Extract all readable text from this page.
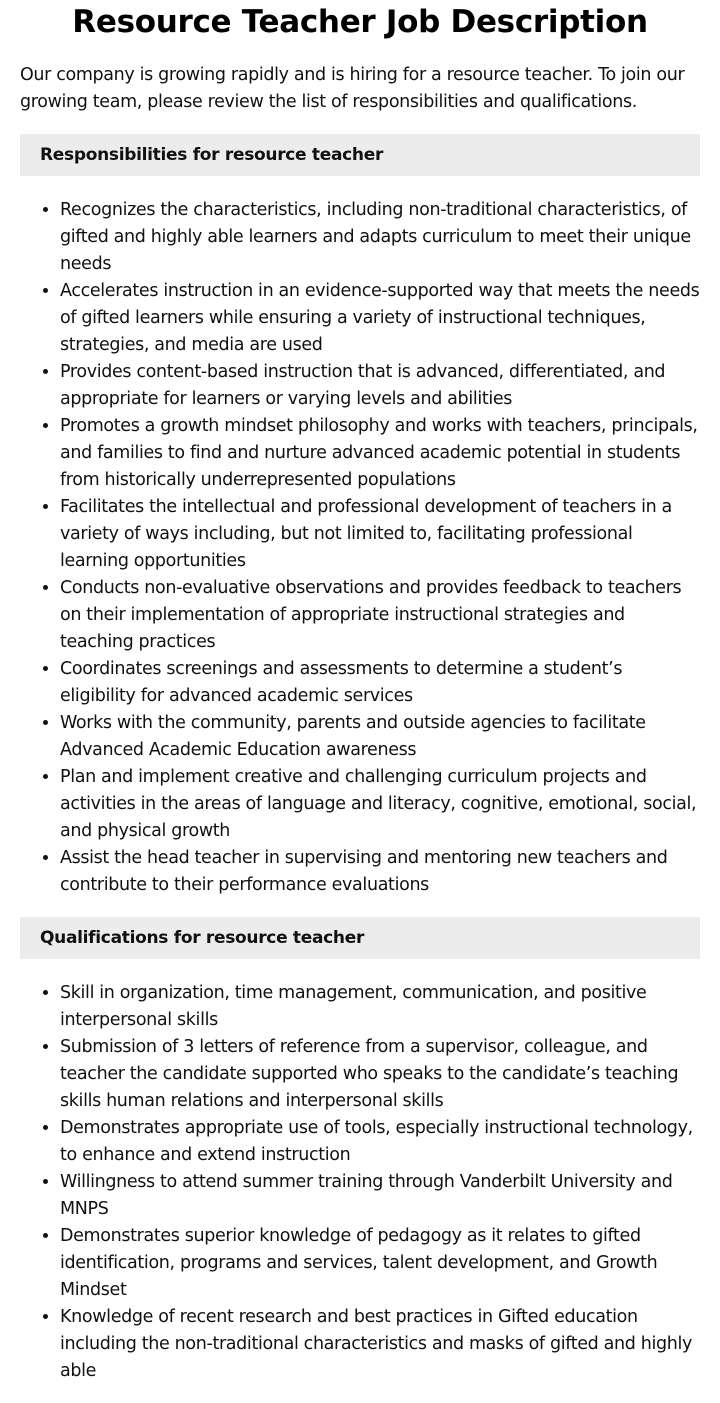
Resource Teacher Job Description

Our company is growing rapidly and is hiring for a resource teacher. To join our growing team, please review the list of responsibilities and qualifications.

Responsibilities for resource teacher
• Recognizes the characteristics, including non-traditional characteristics, of gifted and highly able learners and adapts curriculum to meet their unique needs
• Accelerates instruction in an evidence-supported way that meets the needs of gifted learners while ensuring a variety of instructional techniques, strategies, and media are used
• Provides content-based instruction that is advanced, differentiated, and appropriate for learners or varying levels and abilities
• Promotes a growth mindset philosophy and works with teachers, principals, and families to find and nurture advanced academic potential in students from historically underrepresented populations
• Facilitates the intellectual and professional development of teachers in a variety of ways including, but not limited to, facilitating professional learning opportunities
• Conducts non-evaluative observations and provides feedback to teachers on their implementation of appropriate instructional strategies and teaching practices
• Coordinates screenings and assessments to determine a student’s eligibility for advanced academic services
• Works with the community, parents and outside agencies to facilitate Advanced Academic Education awareness
• Plan and implement creative and challenging curriculum projects and activities in the areas of language and literacy, cognitive, emotional, social, and physical growth
• Assist the head teacher in supervising and mentoring new teachers and contribute to their performance evaluations
Qualifications for resource teacher
• Skill in organization, time management, communication, and positive interpersonal skills
• Submission of 3 letters of reference from a supervisor, colleague, and teacher the candidate supported who speaks to the candidate’s teaching skills human relations and interpersonal skills
• Demonstrates appropriate use of tools, especially instructional technology, to enhance and extend instruction
• Willingness to attend summer training through Vanderbilt University and MNPS
• Demonstrates superior knowledge of pedagogy as it relates to gifted identification, programs and services, talent development, and Growth Mindset
• Knowledge of recent research and best practices in Gifted education including the non-traditional characteristics and masks of gifted and highly able
